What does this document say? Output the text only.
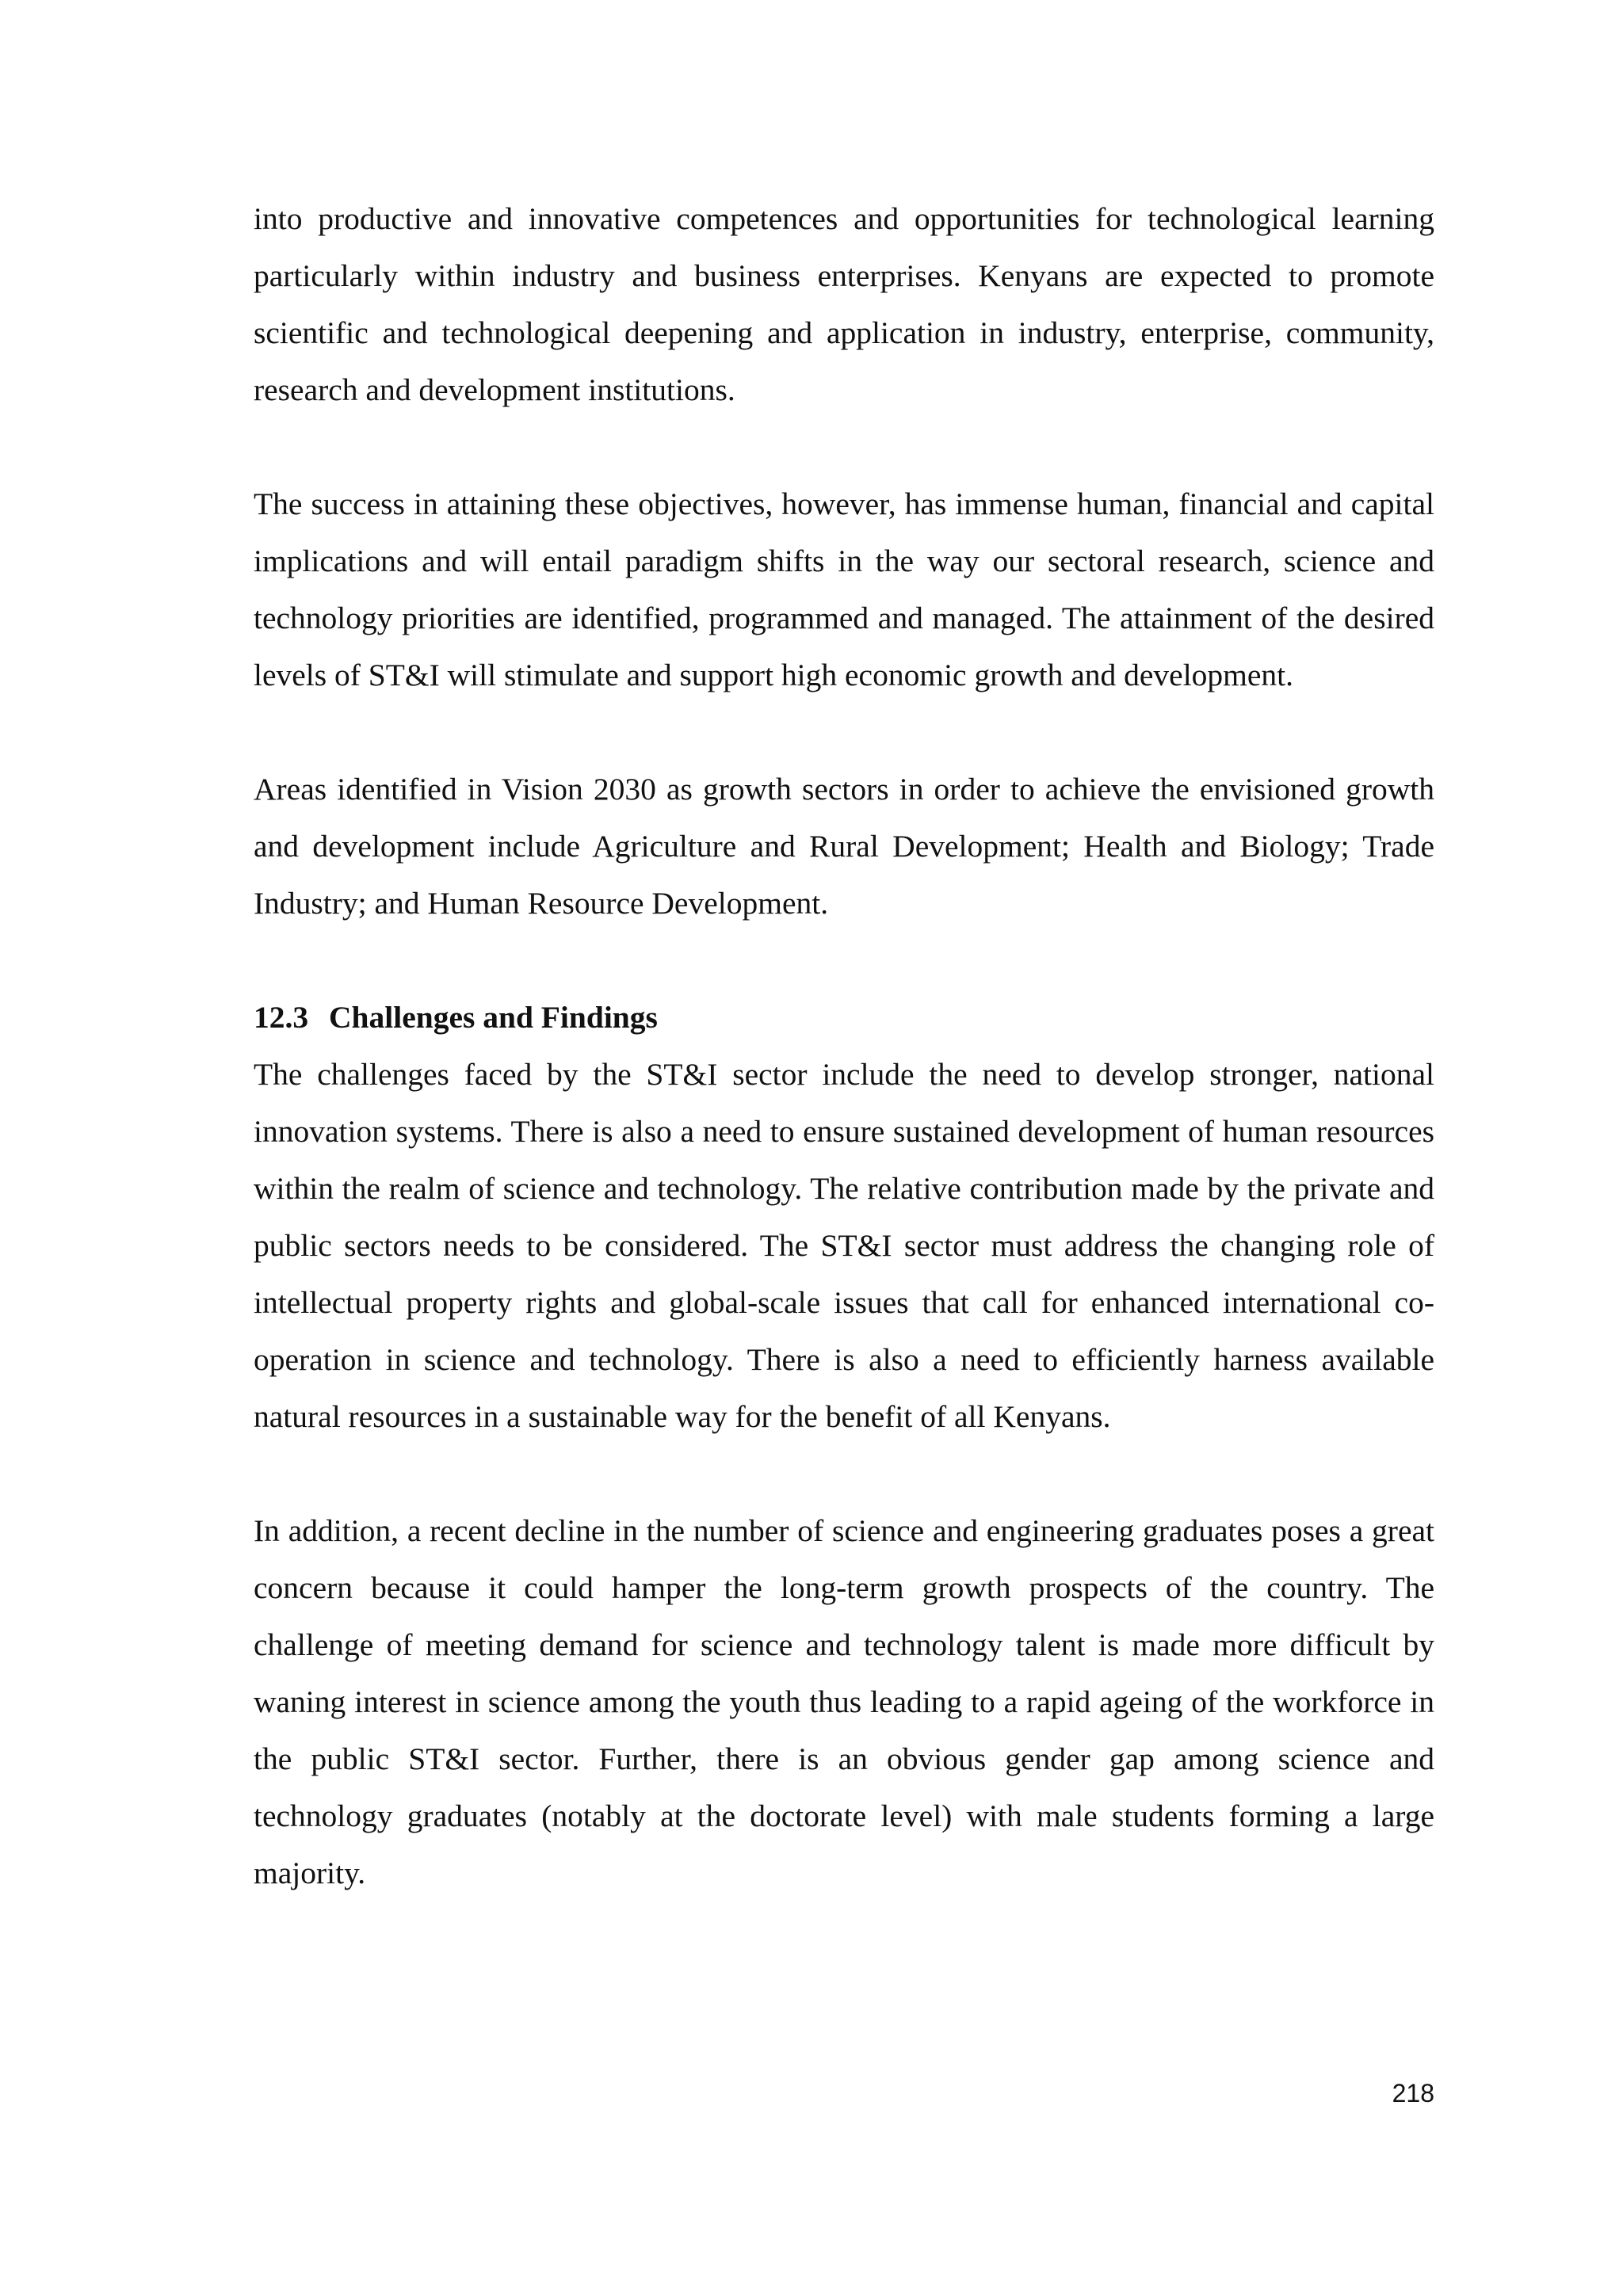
into productive and innovative competences and opportunities for technological learning particularly within industry and business enterprises. Kenyans are expected to promote scientific and technological deepening and application in industry, enterprise, community, research and development institutions.

The success in attaining these objectives, however, has immense human, financial and capital implications and will entail paradigm shifts in the way our sectoral research, science and technology priorities are identified, programmed and managed. The attainment of the desired levels of ST&I will stimulate and support high economic growth and development.

Areas identified in Vision 2030 as growth sectors in order to achieve the envisioned growth and development include Agriculture and Rural Development; Health and Biology; Trade Industry; and Human Resource Development.

12.3 Challenges and Findings

The challenges faced by the ST&I sector include the need to develop stronger, national innovation systems. There is also a need to ensure sustained development of human resources within the realm of science and technology. The relative contribution made by the private and public sectors needs to be considered. The ST&I sector must address the changing role of intellectual property rights and global-scale issues that call for enhanced international co-operation in science and technology. There is also a need to efficiently harness available natural resources in a sustainable way for the benefit of all Kenyans.

In addition, a recent decline in the number of science and engineering graduates poses a great concern because it could hamper the long-term growth prospects of the country. The challenge of meeting demand for science and technology talent is made more difficult by waning interest in science among the youth thus leading to a rapid ageing of the workforce in the public ST&I sector. Further, there is an obvious gender gap among science and technology graduates (notably at the doctorate level) with male students forming a large majority.

218
